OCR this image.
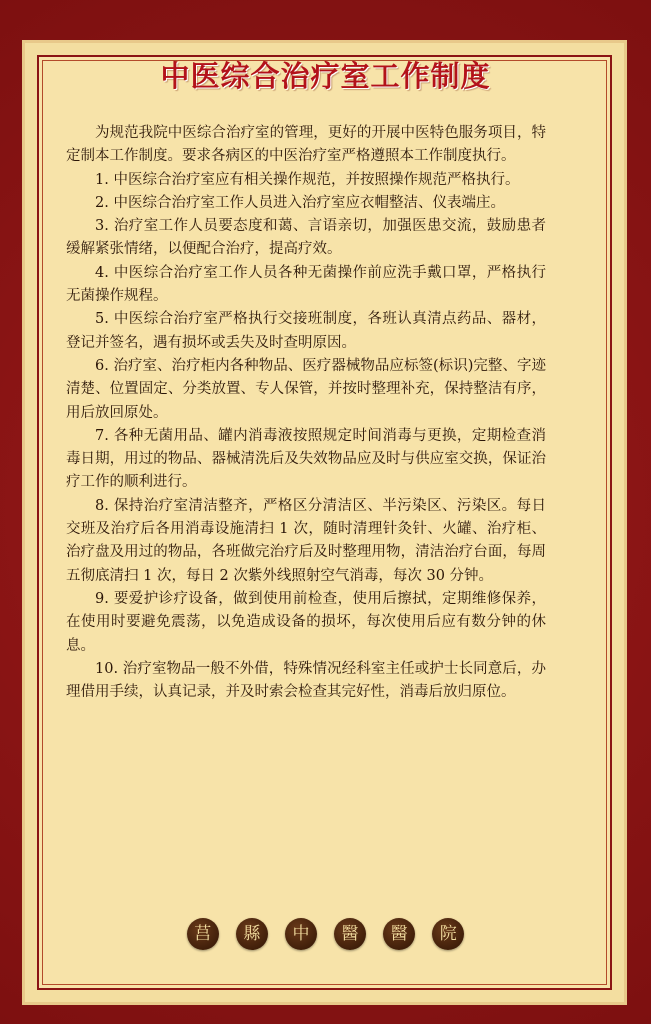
中医综合治疗室工作制度

为规范我院中医综合治疗室的管理，更好的开展中医特色服务项目，特定制本工作制度。要求各病区的中医治疗室严格遵照本工作制度执行。

1. 中医综合治疗室应有相关操作规范，并按照操作规范严格执行。

2. 中医综合治疗室工作人员进入治疗室应衣帽整洁、仪表端庄。

3. 治疗室工作人员要态度和蔼、言语亲切，加强医患交流，鼓励患者缓解紧张情绪，以便配合治疗，提高疗效。

4. 中医综合治疗室工作人员各种无菌操作前应洗手戴口罩，严格执行无菌操作规程。

5. 中医综合治疗室严格执行交接班制度，各班认真清点药品、器材，登记并签名，遇有损坏或丢失及时查明原因。

6. 治疗室、治疗柜内各种物品、医疗器械物品应标签(标识)完整、字迹清楚、位置固定、分类放置、专人保管，并按时整理补充，保持整洁有序，用后放回原处。

7. 各种无菌用品、罐内消毒液按照规定时间消毒与更换，定期检查消毒日期，用过的物品、器械清洗后及失效物品应及时与供应室交换，保证治疗工作的顺利进行。

8. 保持治疗室清洁整齐，严格区分清洁区、半污染区、污染区。每日交班及治疗后各用消毒设施清扫 1 次，随时清理针灸针、火罐、治疗柜、治疗盘及用过的物品，各班做完治疗后及时整理用物，清洁治疗台面，每周五彻底清扫 1 次，每日 2 次紫外线照射空气消毒，每次 30 分钟。

9. 要爱护诊疗设备，做到使用前检查，使用后擦拭，定期维修保养，在使用时要避免震荡，以免造成设备的损坏，每次使用后应有数分钟的休息。

10. 治疗室物品一般不外借，特殊情况经科室主任或护士长同意后，办理借用手续，认真记录，并及时索会检查其完好性，消毒后放归原位。

莒 縣 中 醫 醫 院
